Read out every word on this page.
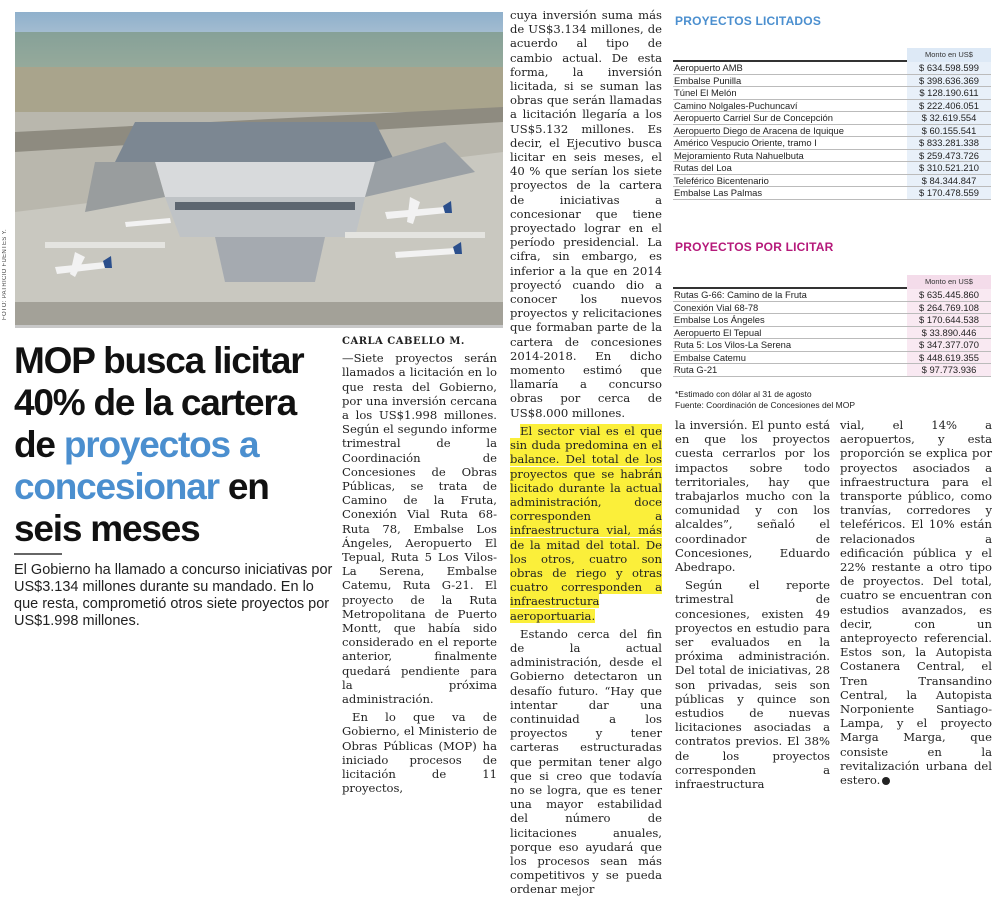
FOTO: PATRICIO FUENTES Y.
MOP busca licitar 40% de la cartera de proyectos a concesionar en seis meses

El Gobierno ha llamado a concurso iniciativas por US$3.134 millones durante su mandado. En lo que resta, comprometió otros siete proyectos por US$1.998 millones.

CARLA CABELLO M.

—Siete proyectos serán llamados a licitación en lo que resta del Gobierno, por una inversión cercana a los US$1.998 millones. Según el segundo informe trimestral de la Coordinación de Concesiones de Obras Públicas, se trata de Camino de la Fruta, Conexión Vial Ruta 68-Ruta 78, Embalse Los Ángeles, Aeropuerto El Tepual, Ruta 5 Los Vilos-La Serena, Embalse Catemu, Ruta G-21. El proyecto de la Ruta Metropolitana de Puerto Montt, que había sido considerado en el reporte anterior, finalmente quedará pendiente para la próxima administración.

En lo que va de Gobierno, el Ministerio de Obras Públicas (MOP) ha iniciado procesos de licitación de 11 proyectos,

cuya inversión suma más de US$3.134 millones, de acuerdo al tipo de cambio actual. De esta forma, la inversión licitada, si se suman las obras que serán llamadas a licitación llegaría a los US$5.132 millones. Es decir, el Ejecutivo busca licitar en seis meses, el 40 % que serían los siete proyectos de la cartera de iniciativas a concesionar que tiene proyectado lograr en el período presidencial. La cifra, sin embargo, es inferior a la que en 2014 proyectó cuando dio a conocer los nuevos proyectos y relicitaciones que formaban parte de la cartera de concesiones 2014-2018. En dicho momento estimó que llamaría a concurso obras por cerca de US$8.000 millones.

El sector vial es el que sin duda predomina en el balance. Del total de los proyectos que se habrán licitado durante la actual administración, doce corresponden a infraestructura vial, más de la mitad del total. De los otros, cuatro son obras de riego y otras cuatro corresponden a infraestructura aeroportuaria.

Estando cerca del fin de la actual administración, desde el Gobierno detectaron un desafío futuro. “Hay que intentar dar una continuidad a los proyectos y tener carteras estructuradas que permitan tener algo que si creo que todavía no se logra, que es tener una mayor estabilidad del número de licitaciones anuales, porque eso ayudará que los procesos sean más competitivos y se pueda ordenar mejor

PROYECTOS LICITADOS
Monto en US$
Aeropuerto AMB	$ 634.598.599
Embalse Punilla	$ 398.636.369
Túnel El Melón	$ 128.190.611
Camino Nolgales-Puchuncaví	$ 222.406.051
Aeropuerto Carriel Sur de Concepción	$ 32.619.554
Aeropuerto Diego de Aracena de Iquique	$ 60.155.541
Américo Vespucio Oriente, tramo I	$ 833.281.338
Mejoramiento Ruta Nahuelbuta	$ 259.473.726
Rutas del Loa	$ 310.521.210
Teleférico Bicentenario	$ 84.344.847
Embalse Las Palmas	$ 170.478.559
PROYECTOS POR LICITAR
Monto en US$
Rutas G-66: Camino de la Fruta	$ 635.445.860
Conexión Vial 68-78	$ 264.769.108
Embalse Los Ángeles	$ 170.644.538
Aeropuerto El Tepual	$ 33.890.446
Ruta 5: Los Vilos-La Serena	$ 347.377.070
Embalse Catemu	$ 448.619.355
Ruta G-21	$ 97.773.936
*Estimado con dólar al 31 de agosto
Fuente: Coordinación de Concesiones del MOP

la inversión. El punto está en que los proyectos cuesta cerrarlos por los impactos sobre todo territoriales, hay que trabajarlos mucho con la comunidad y con los alcaldes”, señaló el coordinador de Concesiones, Eduardo Abedrapo.

Según el reporte trimestral de concesiones, existen 49 proyectos en estudio para ser evaluados en la próxima administración. Del total de iniciativas, 28 son privadas, seis son públicas y quince son estudios de nuevas licitaciones asociadas a contratos previos. El 38% de los proyectos corresponden a infraestructura

vial, el 14% a aeropuertos, y esta proporción se explica por proyectos asociados a infraestructura para el transporte público, como tranvías, corredores y teleféricos. El 10% están relacionados a edificación pública y el 22% restante a otro tipo de proyectos. Del total, cuatro se encuentran con estudios avanzados, es decir, con un anteproyecto referencial. Estos son, la Autopista Costanera Central, el Tren Transandino Central, la Autopista Norponiente Santiago-Lampa, y el proyecto Marga Marga, que consiste en la revitalización urbana del estero.
